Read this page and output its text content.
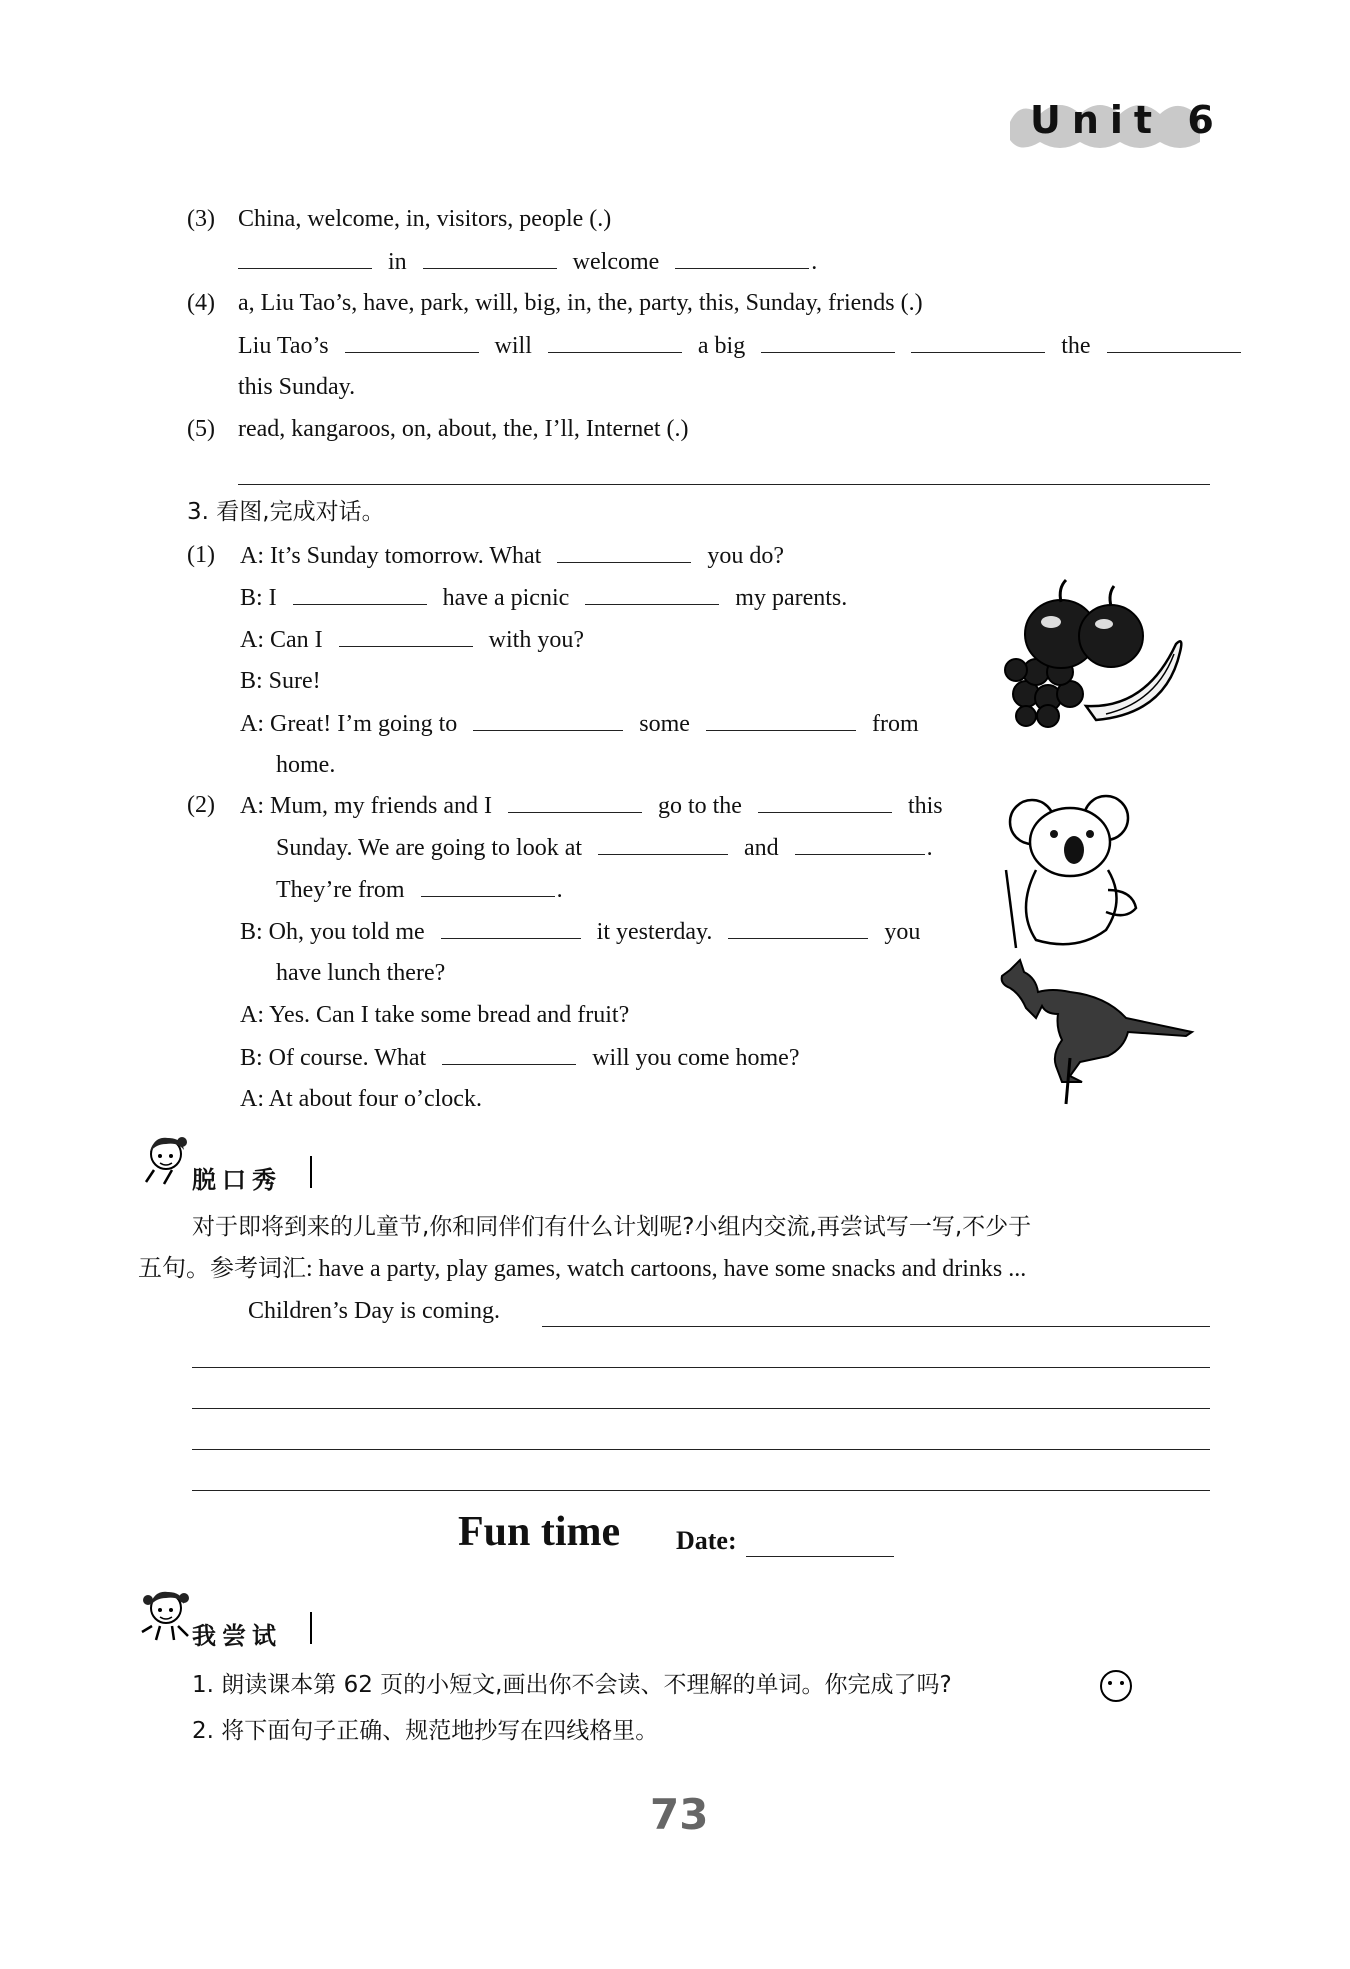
Unit 6
(3) China, welcome, in, visitors, people (.)
in	welcome	.
(4) a, Liu Tao’s, have, park, will, big, in, the, party, this, Sunday, friends (.)
Liu Tao’s	will	a big	the
this Sunday.
(5) read, kangaroos, on, about, the, I’ll, Internet (.)
3. 看图,完成对话。
(1) A: It’s Sunday tomorrow. What	you do?
B: I	have a picnic	my parents.
A: Can I	with you?
B: Sure!
A: Great! I’m going to	some	from
home.
(2) A: Mum, my friends and I	go to the	this
Sunday. We are going to look at	and	.
They’re from	.
B: Oh, you told me	it yesterday.	you
have lunch there?
A: Yes. Can I take some bread and fruit?
B: Of course. What	will you come home?
A: At about four o’clock.
脱口秀
对于即将到来的儿童节,你和同伴们有什么计划呢?小组内交流,再尝试写一写,不少于
五句。参考词汇: have a party, play games, watch cartoons, have some snacks and drinks ...
Children’s Day is coming.
Fun time Date:
我尝试
1. 朗读课本第 62 页的小短文,画出你不会读、不理解的单词。你完成了吗?
2. 将下面句子正确、规范地抄写在四线格里。
73
